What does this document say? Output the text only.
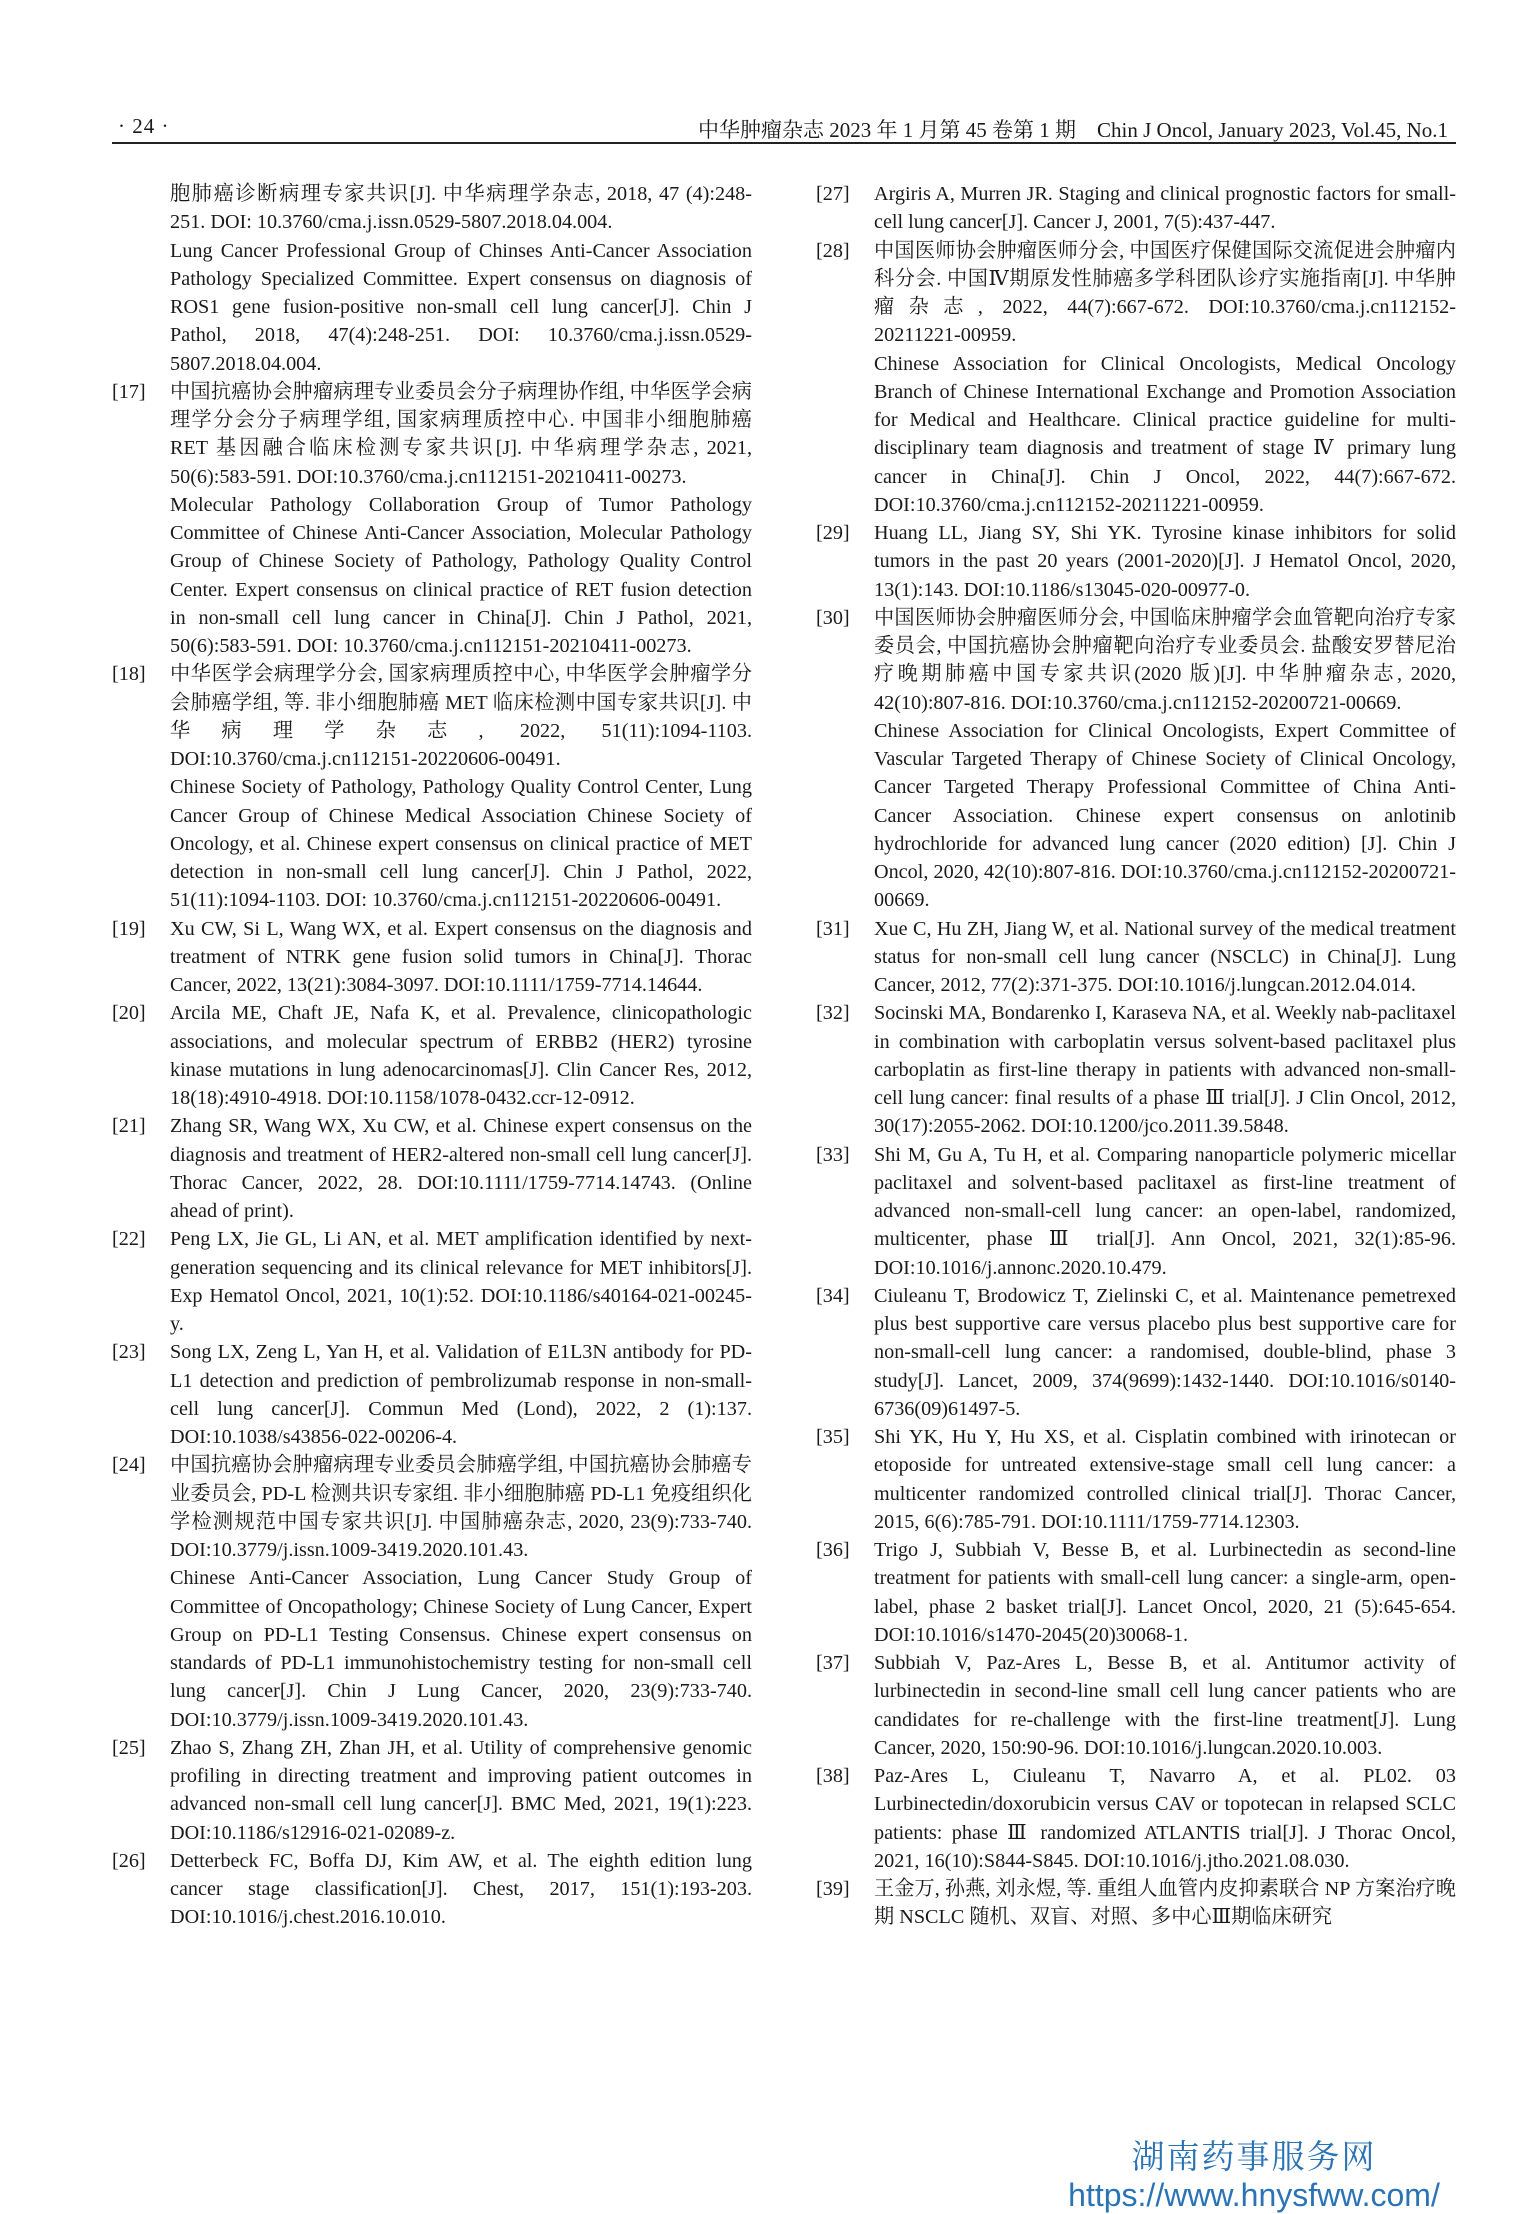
· 24 ·	中华肿瘤杂志 2023 年 1 月第 45 卷第 1 期　Chin J Oncol, January 2023, Vol.45, No.1

胞肺癌诊断病理专家共识[J]. 中华病理学杂志, 2018, 47 (4):248-251. DOI: 10.3760/cma.j.issn.0529-5807.2018.04.004.

Lung Cancer Professional Group of Chinses Anti-Cancer Association Pathology Specialized Committee. Expert consensus on diagnosis of ROS1 gene fusion-positive non-small cell lung cancer[J]. Chin J Pathol, 2018, 47(4):248-251. DOI: 10.3760/cma.j.issn.0529-5807.2018.04.004.

[17] 中国抗癌协会肿瘤病理专业委员会分子病理协作组, 中华医学会病理学分会分子病理学组, 国家病理质控中心. 中国非小细胞肺癌 RET 基因融合临床检测专家共识[J]. 中华病理学杂志, 2021, 50(6):583-591. DOI:10.3760/cma.j.cn112151-20210411-00273.

Molecular Pathology Collaboration Group of Tumor Pathology Committee of Chinese Anti-Cancer Association, Molecular Pathology Group of Chinese Society of Pathology, Pathology Quality Control Center. Expert consensus on clinical practice of RET fusion detection in non-small cell lung cancer in China[J]. Chin J Pathol, 2021, 50(6):583-591. DOI: 10.3760/cma.j.cn112151-20210411-00273.

[18] 中华医学会病理学分会, 国家病理质控中心, 中华医学会肿瘤学分会肺癌学组, 等. 非小细胞肺癌 MET 临床检测中国专家共识[J]. 中华病理学杂志, 2022, 51(11):1094-1103. DOI:10.3760/cma.j.cn112151-20220606-00491.

Chinese Society of Pathology, Pathology Quality Control Center, Lung Cancer Group of Chinese Medical Association Chinese Society of Oncology, et al. Chinese expert consensus on clinical practice of MET detection in non-small cell lung cancer[J]. Chin J Pathol, 2022, 51(11):1094-1103. DOI: 10.3760/cma.j.cn112151-20220606-00491.

[19] Xu CW, Si L, Wang WX, et al. Expert consensus on the diagnosis and treatment of NTRK gene fusion solid tumors in China[J]. Thorac Cancer, 2022, 13(21):3084-3097. DOI:10.1111/1759-7714.14644.

[20] Arcila ME, Chaft JE, Nafa K, et al. Prevalence, clinicopathologic associations, and molecular spectrum of ERBB2 (HER2) tyrosine kinase mutations in lung adenocarcinomas[J]. Clin Cancer Res, 2012, 18(18):4910-4918. DOI:10.1158/1078-0432.ccr-12-0912.

[21] Zhang SR, Wang WX, Xu CW, et al. Chinese expert consensus on the diagnosis and treatment of HER2-altered non-small cell lung cancer[J]. Thorac Cancer, 2022, 28. DOI:10.1111/1759-7714.14743. (Online ahead of print).

[22] Peng LX, Jie GL, Li AN, et al. MET amplification identified by next-generation sequencing and its clinical relevance for MET inhibitors[J]. Exp Hematol Oncol, 2021, 10(1):52. DOI:10.1186/s40164-021-00245-y.

[23] Song LX, Zeng L, Yan H, et al. Validation of E1L3N antibody for PD-L1 detection and prediction of pembrolizumab response in non-small-cell lung cancer[J]. Commun Med (Lond), 2022, 2 (1):137. DOI:10.1038/s43856-022-00206-4.

[24] 中国抗癌协会肿瘤病理专业委员会肺癌学组, 中国抗癌协会肺癌专业委员会, PD-L 检测共识专家组. 非小细胞肺癌 PD-L1 免疫组织化学检测规范中国专家共识[J]. 中国肺癌杂志, 2020, 23(9):733-740. DOI:10.3779/j.issn.1009-3419.2020.101.43.

Chinese Anti-Cancer Association, Lung Cancer Study Group of Committee of Oncopathology; Chinese Society of Lung Cancer, Expert Group on PD-L1 Testing Consensus. Chinese expert consensus on standards of PD-L1 immunohistochemistry testing for non-small cell lung cancer[J]. Chin J Lung Cancer, 2020, 23(9):733-740. DOI:10.3779/j.issn.1009-3419.2020.101.43.

[25] Zhao S, Zhang ZH, Zhan JH, et al. Utility of comprehensive genomic profiling in directing treatment and improving patient outcomes in advanced non-small cell lung cancer[J]. BMC Med, 2021, 19(1):223. DOI:10.1186/s12916-021-02089-z.

[26] Detterbeck FC, Boffa DJ, Kim AW, et al. The eighth edition lung cancer stage classification[J]. Chest, 2017, 151(1):193-203. DOI:10.1016/j.chest.2016.10.010.

[27] Argiris A, Murren JR. Staging and clinical prognostic factors for small-cell lung cancer[J]. Cancer J, 2001, 7(5):437-447.

[28] 中国医师协会肿瘤医师分会, 中国医疗保健国际交流促进会肿瘤内科分会. 中国Ⅳ期原发性肺癌多学科团队诊疗实施指南[J]. 中华肿瘤杂志, 2022, 44(7):667-672. DOI:10.3760/cma.j.cn112152-20211221-00959.

Chinese Association for Clinical Oncologists, Medical Oncology Branch of Chinese International Exchange and Promotion Association for Medical and Healthcare. Clinical practice guideline for multi-disciplinary team diagnosis and treatment of stage Ⅳ primary lung cancer in China[J]. Chin J Oncol, 2022, 44(7):667-672. DOI:10.3760/cma.j.cn112152-20211221-00959.

[29] Huang LL, Jiang SY, Shi YK. Tyrosine kinase inhibitors for solid tumors in the past 20 years (2001-2020)[J]. J Hematol Oncol, 2020, 13(1):143. DOI:10.1186/s13045-020-00977-0.

[30] 中国医师协会肿瘤医师分会, 中国临床肿瘤学会血管靶向治疗专家委员会, 中国抗癌协会肿瘤靶向治疗专业委员会. 盐酸安罗替尼治疗晚期肺癌中国专家共识(2020 版)[J]. 中华肿瘤杂志, 2020, 42(10):807-816. DOI:10.3760/cma.j.cn112152-20200721-00669.

Chinese Association for Clinical Oncologists, Expert Committee of Vascular Targeted Therapy of Chinese Society of Clinical Oncology, Cancer Targeted Therapy Professional Committee of China Anti-Cancer Association. Chinese expert consensus on anlotinib hydrochloride for advanced lung cancer (2020 edition) [J]. Chin J Oncol, 2020, 42(10):807-816. DOI:10.3760/cma.j.cn112152-20200721-00669.

[31] Xue C, Hu ZH, Jiang W, et al. National survey of the medical treatment status for non-small cell lung cancer (NSCLC) in China[J]. Lung Cancer, 2012, 77(2):371-375. DOI:10.1016/j.lungcan.2012.04.014.

[32] Socinski MA, Bondarenko I, Karaseva NA, et al. Weekly nab-paclitaxel in combination with carboplatin versus solvent-based paclitaxel plus carboplatin as first-line therapy in patients with advanced non-small-cell lung cancer: final results of a phase Ⅲ trial[J]. J Clin Oncol, 2012, 30(17):2055-2062. DOI:10.1200/jco.2011.39.5848.

[33] Shi M, Gu A, Tu H, et al. Comparing nanoparticle polymeric micellar paclitaxel and solvent-based paclitaxel as first-line treatment of advanced non-small-cell lung cancer: an open-label, randomized, multicenter, phase Ⅲ trial[J]. Ann Oncol, 2021, 32(1):85-96. DOI:10.1016/j.annonc.2020.10.479.

[34] Ciuleanu T, Brodowicz T, Zielinski C, et al. Maintenance pemetrexed plus best supportive care versus placebo plus best supportive care for non-small-cell lung cancer: a randomised, double-blind, phase 3 study[J]. Lancet, 2009, 374(9699):1432-1440. DOI:10.1016/s0140-6736(09)61497-5.

[35] Shi YK, Hu Y, Hu XS, et al. Cisplatin combined with irinotecan or etoposide for untreated extensive-stage small cell lung cancer: a multicenter randomized controlled clinical trial[J]. Thorac Cancer, 2015, 6(6):785-791. DOI:10.1111/1759-7714.12303.

[36] Trigo J, Subbiah V, Besse B, et al. Lurbinectedin as second-line treatment for patients with small-cell lung cancer: a single-arm, open-label, phase 2 basket trial[J]. Lancet Oncol, 2020, 21 (5):645-654. DOI:10.1016/s1470-2045(20)30068-1.

[37] Subbiah V, Paz-Ares L, Besse B, et al. Antitumor activity of lurbinectedin in second-line small cell lung cancer patients who are candidates for re-challenge with the first-line treatment[J]. Lung Cancer, 2020, 150:90-96. DOI:10.1016/j.lungcan.2020.10.003.

[38] Paz-Ares L, Ciuleanu T, Navarro A, et al. PL02. 03 Lurbinectedin/doxorubicin versus CAV or topotecan in relapsed SCLC patients: phase Ⅲ randomized ATLANTIS trial[J]. J Thorac Oncol, 2021, 16(10):S844-S845. DOI:10.1016/j.jtho.2021.08.030.

[39] 王金万, 孙燕, 刘永煜, 等. 重组人血管内皮抑素联合 NP 方案治疗晚期 NSCLC 随机、双盲、对照、多中心Ⅲ期临床研究

湖南药事服务网
https://www.hnysfww.com/
